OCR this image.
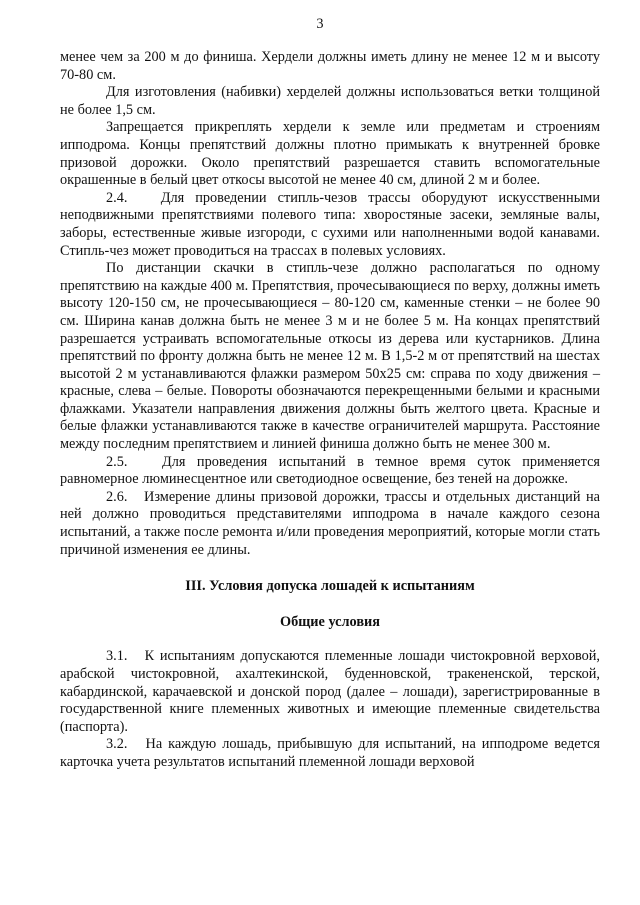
3

менее чем за 200 м до финиша. Хердели должны иметь длину не менее 12 м и высоту 70-80 см.

Для изготовления (набивки) херделей должны использоваться ветки толщиной не более 1,5 см.

Запрещается прикреплять хердели к земле или предметам и строениям ипподрома. Концы препятствий должны плотно примыкать к внутренней бровке призовой дорожки. Около препятствий разрешается ставить вспомогательные окрашенные в белый цвет откосы высотой не менее 40 см, длиной 2 м и более.

2.4.   Для проведении стипль-чезов трассы оборудуют искусственными неподвижными препятствиями полевого типа: хворостяные засеки, земляные валы, заборы, естественные живые изгороди, с сухими или наполненными водой канавами. Стипль-чез может проводиться на трассах в полевых условиях.

По дистанции скачки в стипль-чезе должно располагаться по одному препятствию на каждые 400 м. Препятствия, прочесывающиеся по верху, должны иметь высоту 120-150 см, не прочесывающиеся – 80-120 см, каменные стенки – не более 90 см. Ширина канав должна быть не менее 3 м и не более 5 м. На концах препятствий разрешается устраивать вспомогательные откосы из дерева или кустарников. Длина препятствий по фронту должна быть не менее 12 м. В 1,5-2 м от препятствий на шестах высотой 2 м устанавливаются флажки размером 50х25 см: справа по ходу движения – красные, слева – белые. Повороты обозначаются перекрещенными белыми и красными флажками. Указатели направления движения должны быть желтого цвета. Красные и белые флажки устанавливаются также в качестве ограничителей маршрута. Расстояние между последним препятствием и линией финиша должно быть не менее 300 м.

2.5.   Для проведения испытаний в темное время суток применяется равномерное люминесцентное или светодиодное освещение, без теней на дорожке.

2.6.   Измерение длины призовой дорожки, трассы и отдельных дистанций на ней должно проводиться представителями ипподрома в начале каждого сезона испытаний, а также после ремонта и/или проведения мероприятий, которые могли стать причиной изменения ее длины.

III. Условия допуска лошадей к испытаниям
Общие условия

3.1.   К испытаниям допускаются племенные лошади чистокровной верховой, арабской чистокровной, ахалтекинской, буденновской, тракененской, терской, кабардинской, карачаевской и донской пород (далее – лошади), зарегистрированные в государственной книге племенных животных и имеющие племенные свидетельства (паспорта).

3.2.   На каждую лошадь, прибывшую для испытаний, на ипподроме ведется карточка учета результатов испытаний племенной лошади верховой
